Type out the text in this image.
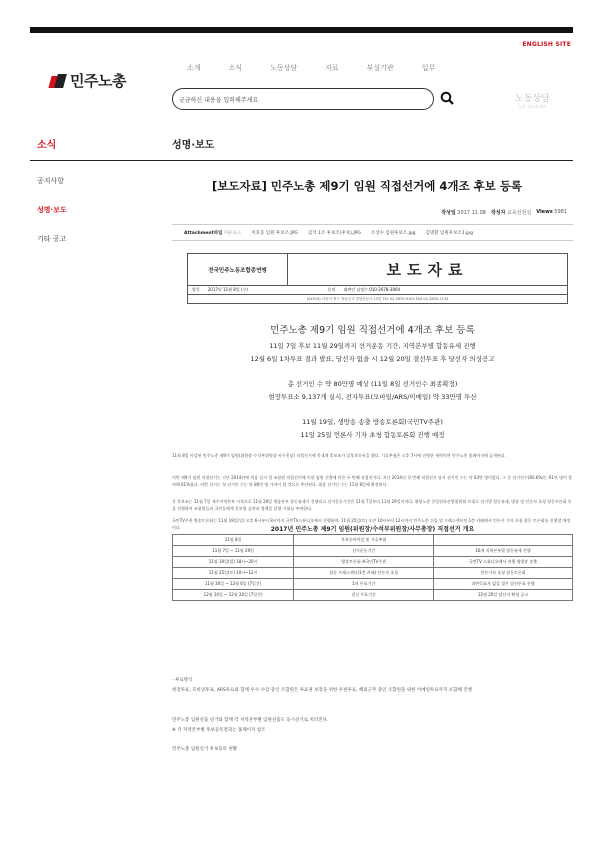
ENGLISH SITE
민주노총
소개	소식	노동상담	자료	부설기관	입무
궁금하신 내용을 입력해주세요	노동상담
도움 필요하세요
소식	성명·보도
공지사항
성명·보도
기타 공고
[보도자료] 민주노총 제9기 임원 직접선거에 4개조 후보 등록
작성일 2017.11.08 작성자 교육선전실 Views 5981
Attachment파일 다운로드 이호동 임원 후보조.JPG 김석 1조 후보조(후보).JPG 조상수 임원후보조.jpg 김명환 임원후보조1.jpg
전국민주노동조합총연맹	보도자료
발신	2017년 11월 8일 (수)	문의	대변인 남정수 010-2678-3064
(04519) 서울시 중구 정동길 3 경향신문사 13층 TEL 02-2670-9100 FAX 02-2635-1134
민주노총 제9기 임원 직접선거에 4개조 후보 등록
11일 7일 후보 11월 29일까지 선거운동 기간, 지역본부별 합동유세 진행
12월 6일 1차투표 결과 발표, 당선자 없을 시 12월 20일 결선투표 후 당선자 의성공고
총 선거인 수 약 80만명 예상 (11일 8일 선거인수 최종확정)
현장투표소 9,137개 실시, 전자투표(모바일/ARS/이메일) 약 33만명 투산
11월 19일, 생방송 송출 방송토론회(국민TV주관)
11일 25일 언론사 기자 초청 합동토론회 진행 예정
11월 8일 마감된 민주노총 제9기 임원(위원장-수석부위원장-사무총장) 직접선거에 총 4개 후보조가 입후보등록을 했다. 기호추첨은 오후 7시에 진행한 세력이며 민주노총 홈페이지에 공개된다.
이번 제9기 임원 직접선거는 지난 2014년에 처음 실시 첫 조합원 직접선거에 이한 임원 선출에 이은 두 번째 직접선거다. 지난 2014년 첫 번째 직접선거 당시 선거인 수는 약 63만 명이었다. 그 중 선거인수(60.6%)는 61만 명이 참여해 61%였다. 이번 선거는 첫 선거인 수는 약 80만 명 가까이 될 것으로 추산된다. 최종 선거인 수는 11월 8일에 확정된다.
2017년 민주노총 제9기 임원(위원장/수석부위원장/사무총장) 직접선거 개요
11월 8일	후보등록마감 및 기호추첨	
11월 7일 ~ 11월 29일	선거운동기간	16개 지역본부별 합동유세 진행
11월 19일(일) 18시~20시	방송토론회 ※국민TV주관	국민TV 스튜디오에서 진행 생방송 송출
11월 25일(토) 10시~12시	합동 프레스센터(1층 카페) 언론사 초청	언론기자 초청 합동토론회
11월 30일 ~ 12월 6일 (7일간)	1차 투표기간	과반득표자 없을 경우 결선투표 진행
12월 14일 ~ 12월 20일 (7일간)	결선 투표기간	12월 20일 당선자 확정 공고
- 투표방식
현장투표, 모바일투표, ARS투표와 함께 우수 수감 중인 조합원은 투표권 보장을 위한 우편투표, 해외근무 중인 조합원을 위한 이메일투표까지 포함해 진행
민주노총 임원선출 선거와 함께 각 지역본부별 임원선출도 동시선거로 치러진다.
※ 각 지역본부별 후보등록결과는 홈페이지 참조
민주노총 임원선거 후보등록 현황
각 후보조는 11월 7일 제주지역본부 시작으로 11월 29일 세종본부 합동유세가 진행되고 선거운동기간은 11월 7일부터 11월 29일까지다. 위원노총 중앙산하산별위원회 토대로 선거별 합동유세, 방송 및 언론사 초청 합동토론회 등을 진행하며 조합원들과 국민들에게 후보별 공약과 정책을 알릴 기회를 부여한다.
국민TV주관 방송토론회는 11월 19일(일) 오후 6시부터 8시까지 국민TV스튜디오에서 진행하며, 11월 25일(토) 오전 10시부터 12시까지 민주노총 건물 및 프레스센터인 1층 카페에서 언론사 기자 초청 합동 토론회를 진행할 예정이다.
